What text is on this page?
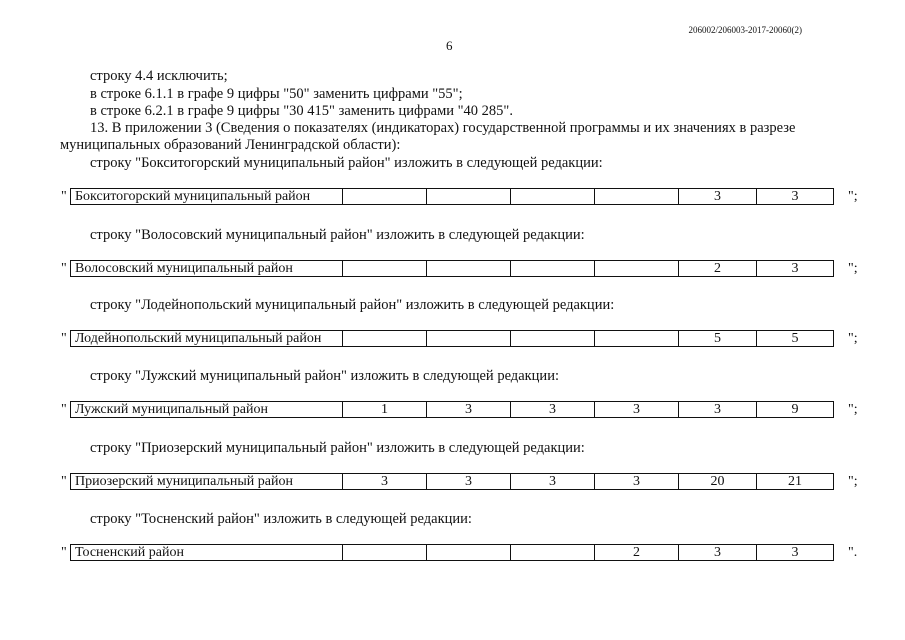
206002/206003-2017-20060(2)
6
строку 4.4 исключить;
в строке 6.1.1 в графе 9 цифры "50" заменить цифрами "55";
в строке 6.2.1 в графе 9 цифры "30 415" заменить цифрами "40 285".
13. В приложении 3 (Сведения о показателях (индикаторах) государственной программы и их значениях в разрезе
муниципальных образований Ленинградской области):
строку "Бокситогорский муниципальный район" изложить в следующей редакции:
" Бокситогорский муниципальный район					3	3	";
строку "Волосовский муниципальный район" изложить в следующей редакции:
" Волосовский муниципальный район					2	3	";
строку "Лодейнопольский муниципальный район" изложить в следующей редакции:
" Лодейнопольский муниципальный район					5	5	";
строку "Лужский муниципальный район" изложить в следующей редакции:
" Лужский муниципальный район	1	3	3	3	3	9	";
строку "Приозерский муниципальный район" изложить в следующей редакции:
" Приозерский муниципальный район	3	3	3	3	20	21	";
строку "Тосненский район" изложить в следующей редакции:
" Тосненский район				2	3	3	".
